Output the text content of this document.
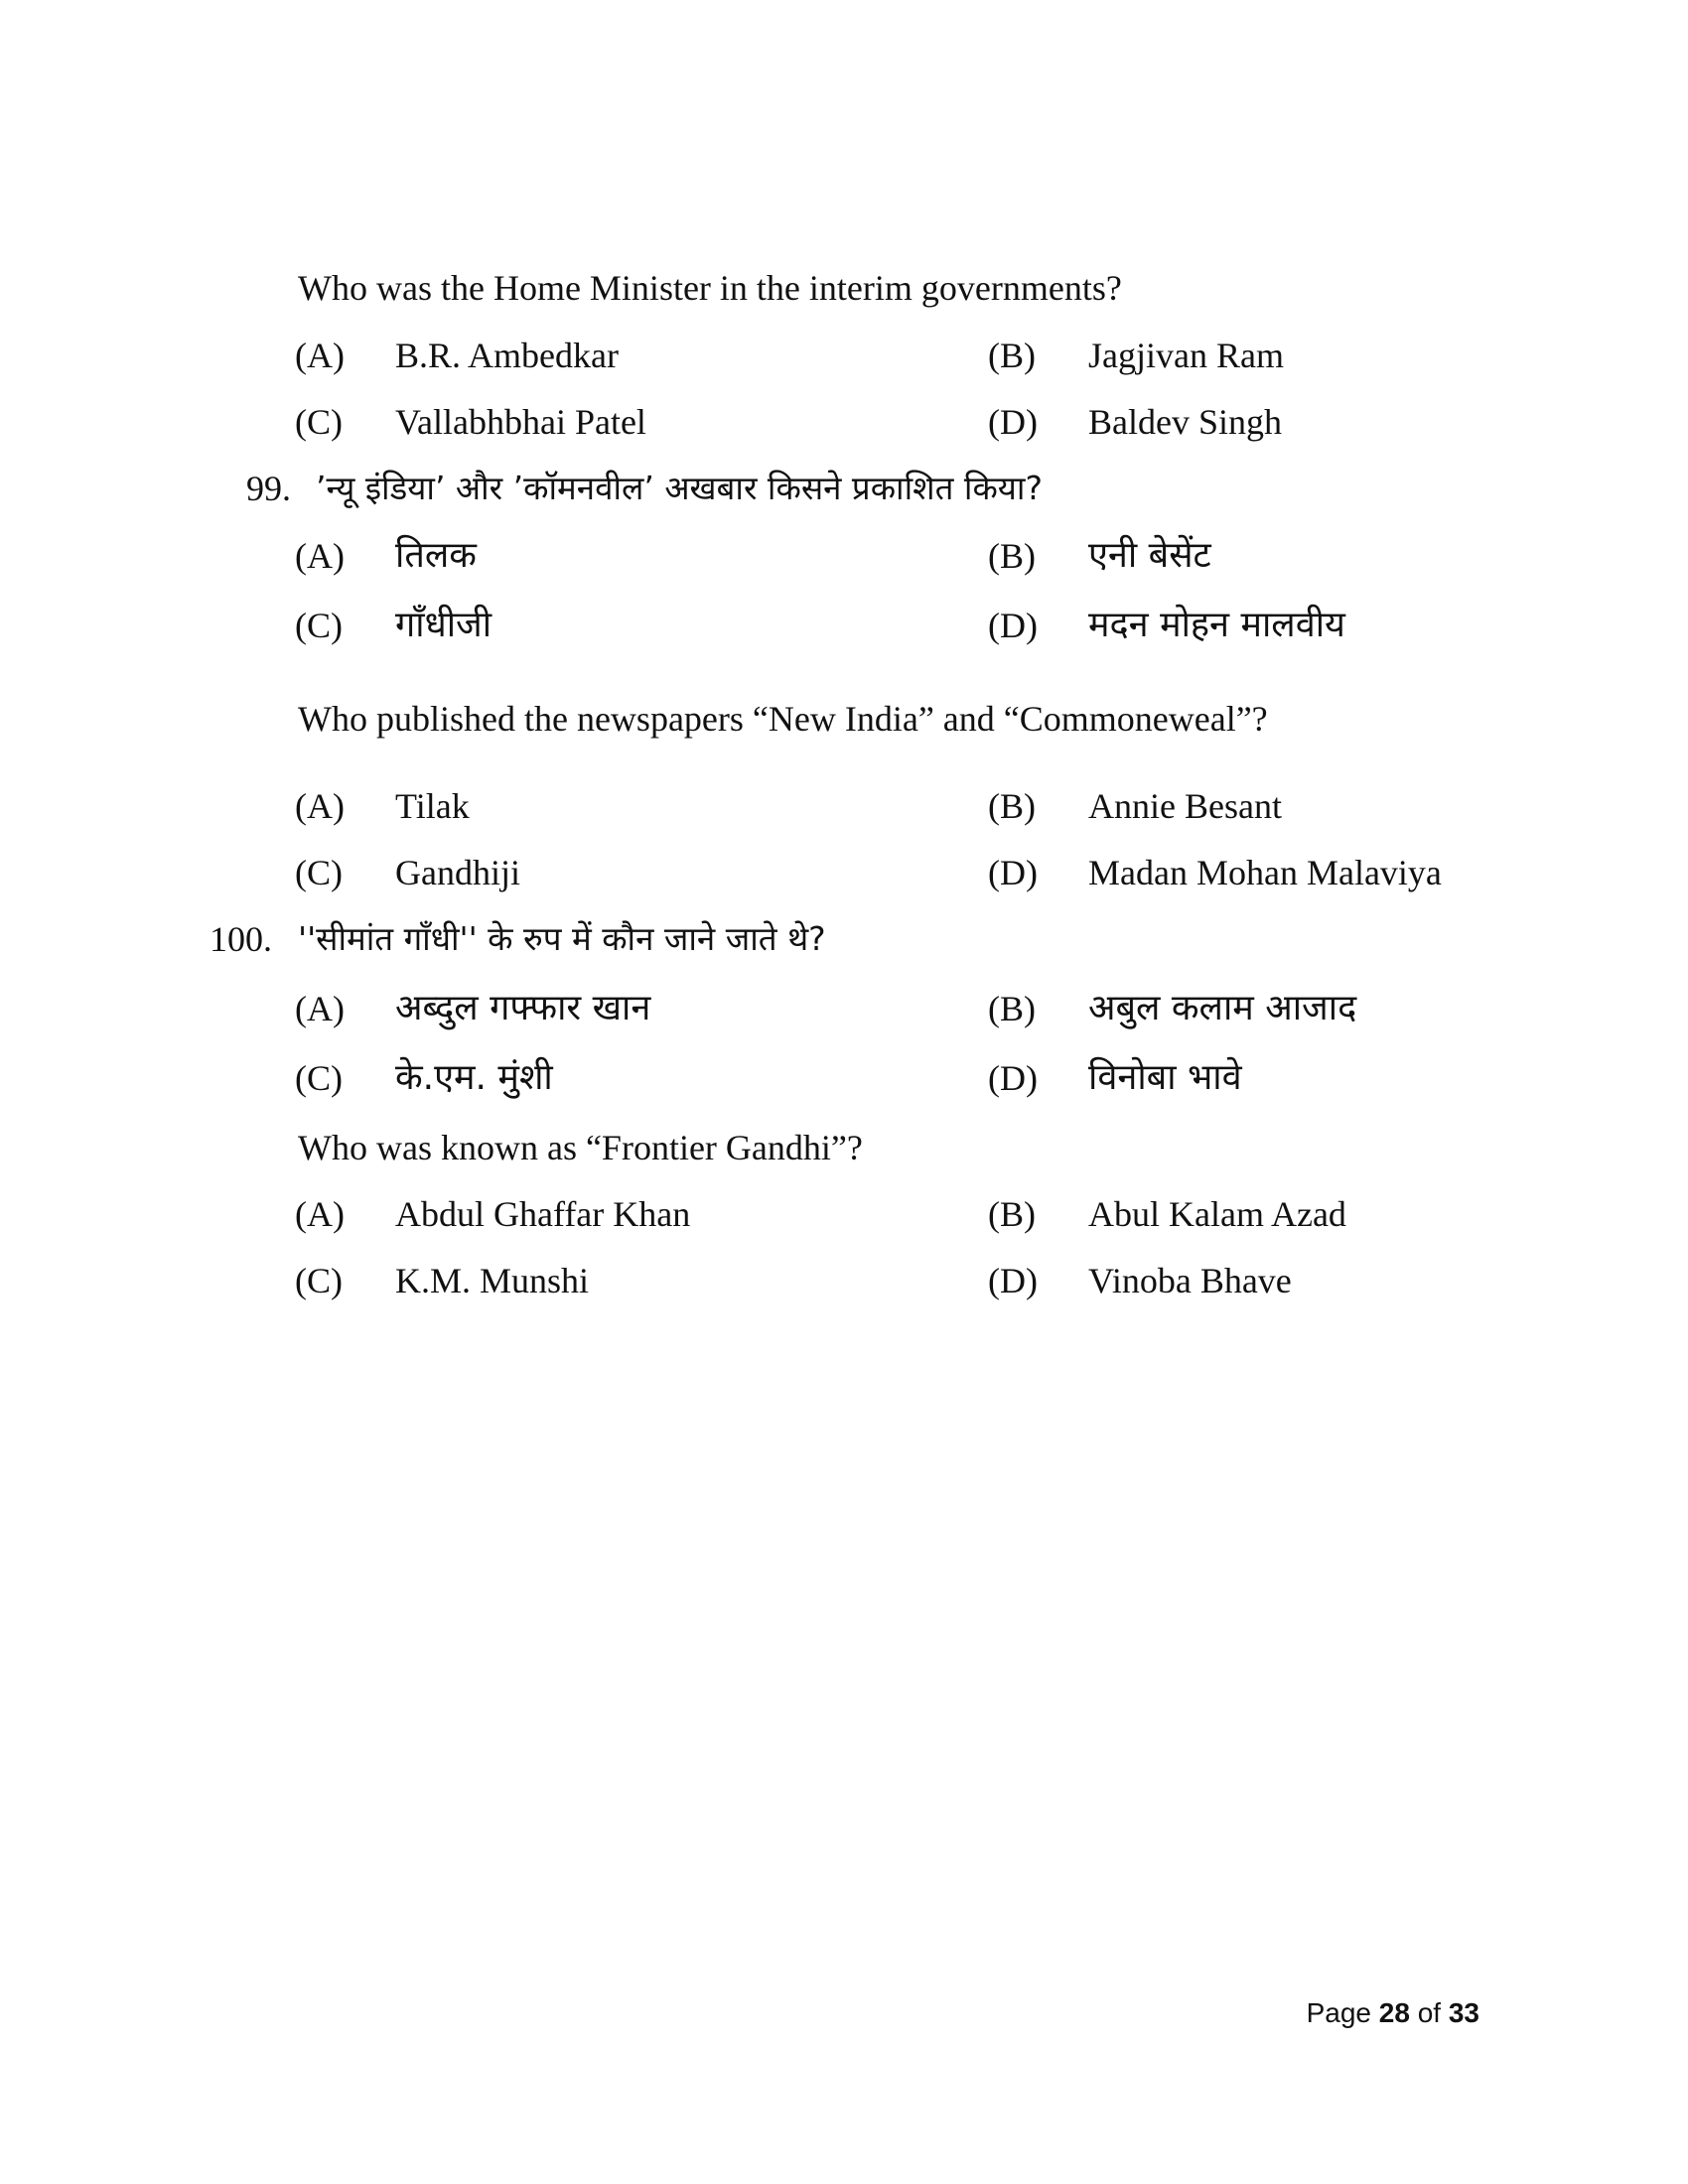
Who was the Home Minister in the interim governments?
(A) B.R. Ambedkar	(B) Jagjivan Ram
(C) Vallabhbhai Patel	(D) Baldev Singh
99. ’न्यू इंडिया’ और ’कॉमनवील’ अखबार किसने प्रकाशित किया?
(A) तिलक	(B) एनी बेसेंट
(C) गाँधीजी	(D) मदन मोहन मालवीय
Who published the newspapers “New India” and “Commoneweal”?
(A) Tilak	(B) Annie Besant
(C) Gandhiji	(D) Madan Mohan Malaviya
100. ''सीमांत गाँधी'' के रुप में कौन जाने जाते थे?
(A) अब्दुल गफ्फार खान	(B) अबुल कलाम आजाद
(C) के.एम. मुंशी	(D) विनोबा भावे
Who was known as “Frontier Gandhi”?
(A) Abdul Ghaffar Khan	(B) Abul Kalam Azad
(C) K.M. Munshi	(D) Vinoba Bhave
Page 28 of 33
